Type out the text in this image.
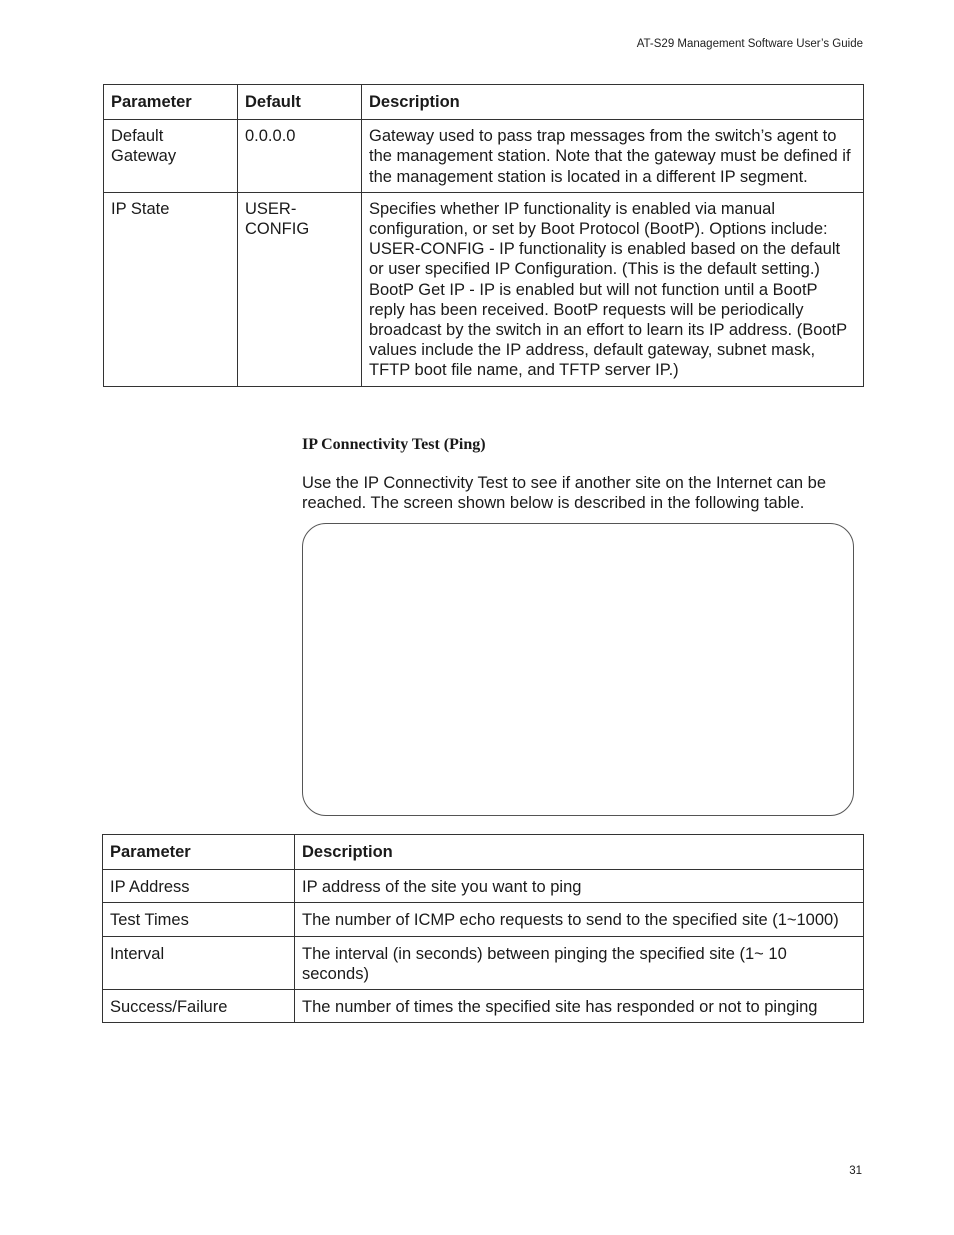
AT-S29 Management Software User’s Guide
Parameter	Default	Description
Default Gateway	0.0.0.0	Gateway used to pass trap messages from the switch’s agent to the management station. Note that the gateway must be defined if the management station is located in a different IP segment.
IP State	USER-CONFIG	Specifies whether IP functionality is enabled via manual configuration, or set by Boot Protocol (BootP). Options include: USER-CONFIG - IP functionality is enabled based on the default or user specified IP Configuration. (This is the default setting.) BootP Get IP - IP is enabled but will not function until a BootP reply has been received. BootP requests will be periodically broadcast by the switch in an effort to learn its IP address. (BootP values include the IP address, default gateway, subnet mask, TFTP boot file name, and TFTP server IP.)
IP Connectivity Test (Ping)
Use the IP Connectivity Test to see if another site on the Internet can be reached. The screen shown below is described in the following table.
Parameter	Description
IP Address	IP address of the site you want to ping
Test Times	The number of ICMP echo requests to send to the specified site (1~1000)
Interval	The interval (in seconds) between pinging the specified site (1~ 10 seconds)
Success/Failure	The number of times the specified site has responded or not to pinging
31
